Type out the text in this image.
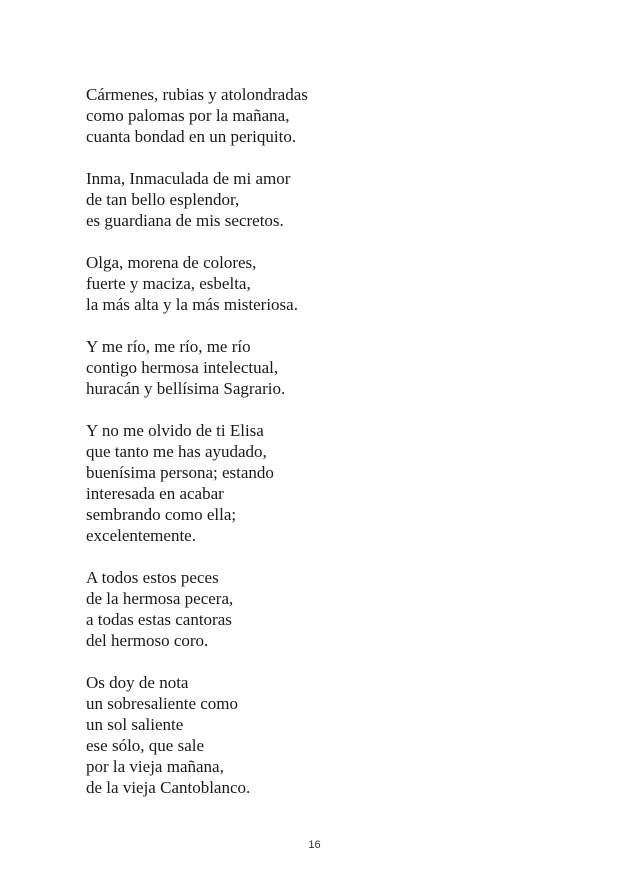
Cármenes, rubias y atolondradas
como palomas por la mañana,
cuanta bondad en un periquito.
Inma, Inmaculada de mi amor
de tan bello esplendor,
es guardiana de mis secretos.
Olga, morena de colores,
fuerte y maciza, esbelta,
la más alta y la más misteriosa.
Y me río, me río, me río
contigo hermosa intelectual,
huracán y bellísima Sagrario.
Y no me olvido de ti Elisa
que tanto me has ayudado,
buenísima persona; estando
interesada en acabar
sembrando como ella;
excelentemente.
A todos estos peces
de la hermosa pecera,
a todas estas cantoras
del hermoso coro.
Os doy de nota
un sobresaliente como
un sol saliente
ese sólo, que sale
por la vieja mañana,
de la vieja Cantoblanco.
16
